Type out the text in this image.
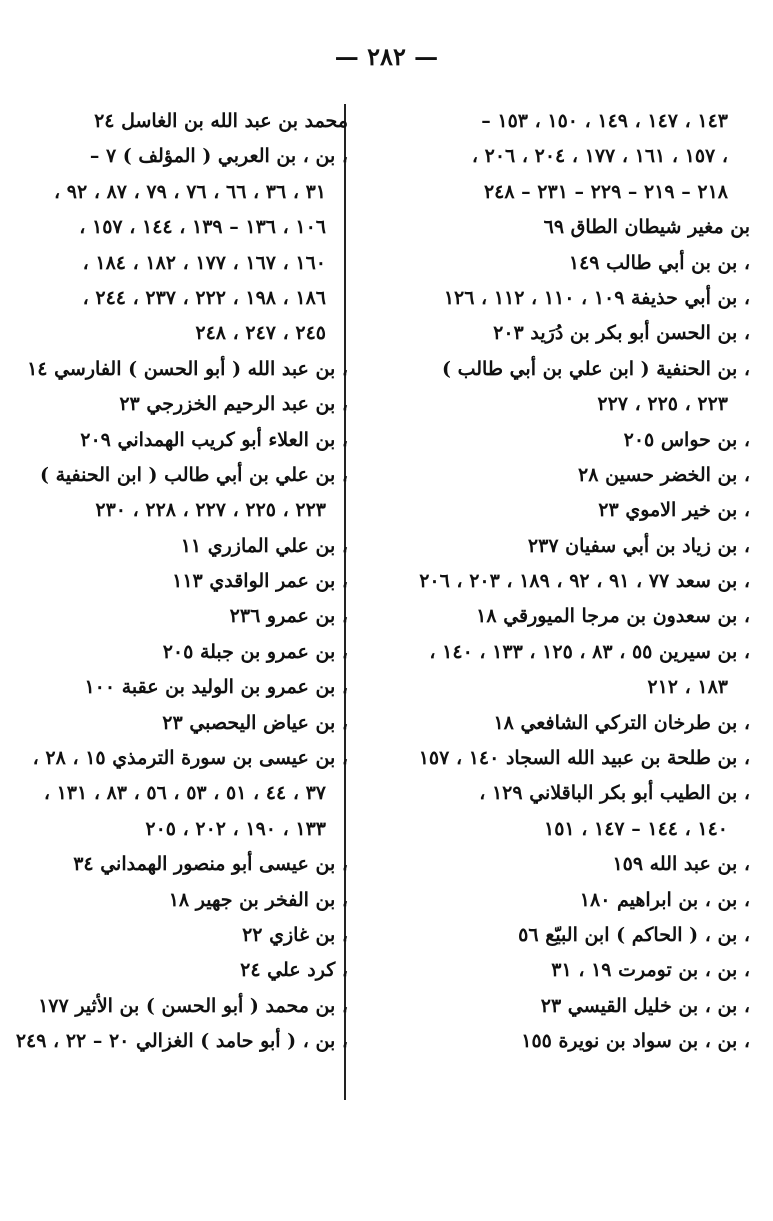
— ٢٨٢ —
١٤٣ ، ١٤٧ ، ١٤٩ ، ١٥٠ ، ١٥٣ –
، ١٥٧ ، ١٦١ ، ١٧٧ ، ٢٠٤ ، ٢٠٦ ،
٢١٨ – ٢١٩ – ٢٢٩ – ٢٣١ – ٢٤٨
بن مغير شيطان الطاق ٦٩
، بن بن أبي طالب ١٤٩
، بن أبي حذيفة ١٠٩ ، ١١٠ ، ١١٢ ، ١٢٦
، بن الحسن أبو بكر بن دُرَيد ٢٠٣
، بن الحنفية ( ابن علي بن أبي طالب )
٢٢٣ ، ٢٢٥ ، ٢٢٧
، بن حواس ٢٠٥
، بن الخضر حسين ٢٨
، بن خير الاموي ٢٣
، بن زياد بن أبي سفيان ٢٣٧
، بن سعد ٧٧ ، ٩١ ، ٩٢ ، ١٨٩ ، ٢٠٣ ، ٢٠٦
، بن سعدون بن مرجا الميورقي ١٨
، بن سيرين ٥٥ ، ٨٣ ، ١٢٥ ، ١٣٣ ، ١٤٠ ،
١٨٣ ، ٢١٢
، بن طرخان التركي الشافعي ١٨
، بن طلحة بن عبيد الله السجاد ١٤٠ ، ١٥٧
، بن الطيب أبو بكر الباقلاني ١٢٩ ،
١٤٠ ، ١٤٤ – ١٤٧ ، ١٥١
، بن عبد الله ١٥٩
، بن ، بن ابراهيم ١٨٠
، بن ، ( الحاكم ) ابن البيّع ٥٦
، بن ، بن تومرت ١٩ ، ٣١
، بن ، بن خليل القيسي ٢٣
، بن ، بن سواد بن نويرة ١٥٥
محمد بن عبد الله بن الغاسل ٢٤
، بن ، بن العربي ( المؤلف ) ٧ –
٣١ ، ٣٦ ، ٦٦ ، ٧٦ ، ٧٩ ، ٨٧ ، ٩٢ ،
١٠٦ ، ١٣٦ – ١٣٩ ، ١٤٤ ، ١٥٧ ،
١٦٠ ، ١٦٧ ، ١٧٧ ، ١٨٢ ، ١٨٤ ،
١٨٦ ، ١٩٨ ، ٢٢٢ ، ٢٣٧ ، ٢٤٤ ،
٢٤٥ ، ٢٤٧ ، ٢٤٨
، بن عبد الله ( أبو الحسن ) الفارسي ١٤
، بن عبد الرحيم الخزرجي ٢٣
، بن العلاء أبو كريب الهمداني ٢٠٩
، بن علي بن أبي طالب ( ابن الحنفية )
٢٢٣ ، ٢٢٥ ، ٢٢٧ ، ٢٢٨ ، ٢٣٠
، بن علي المازري ١١
، بن عمر الواقدي ١١٣
، بن عمرو ٢٣٦
، بن عمرو بن جبلة ٢٠٥
، بن عمرو بن الوليد بن عقبة ١٠٠
، بن عياض اليحصبي ٢٣
، بن عيسى بن سورة الترمذي ١٥ ، ٢٨ ،
٣٧ ، ٤٤ ، ٥١ ، ٥٣ ، ٥٦ ، ٨٣ ، ١٣١ ،
١٣٣ ، ١٩٠ ، ٢٠٢ ، ٢٠٥
، بن عيسى أبو منصور الهمداني ٣٤
، بن الفخر بن جهير ١٨
، بن غازي ٢٢
، كرد علي ٢٤
، بن محمد ( أبو الحسن ) بن الأثير ١٧٧
، بن ، ( أبو حامد ) الغزالي ٢٠ – ٢٢ ، ٢٤٩
